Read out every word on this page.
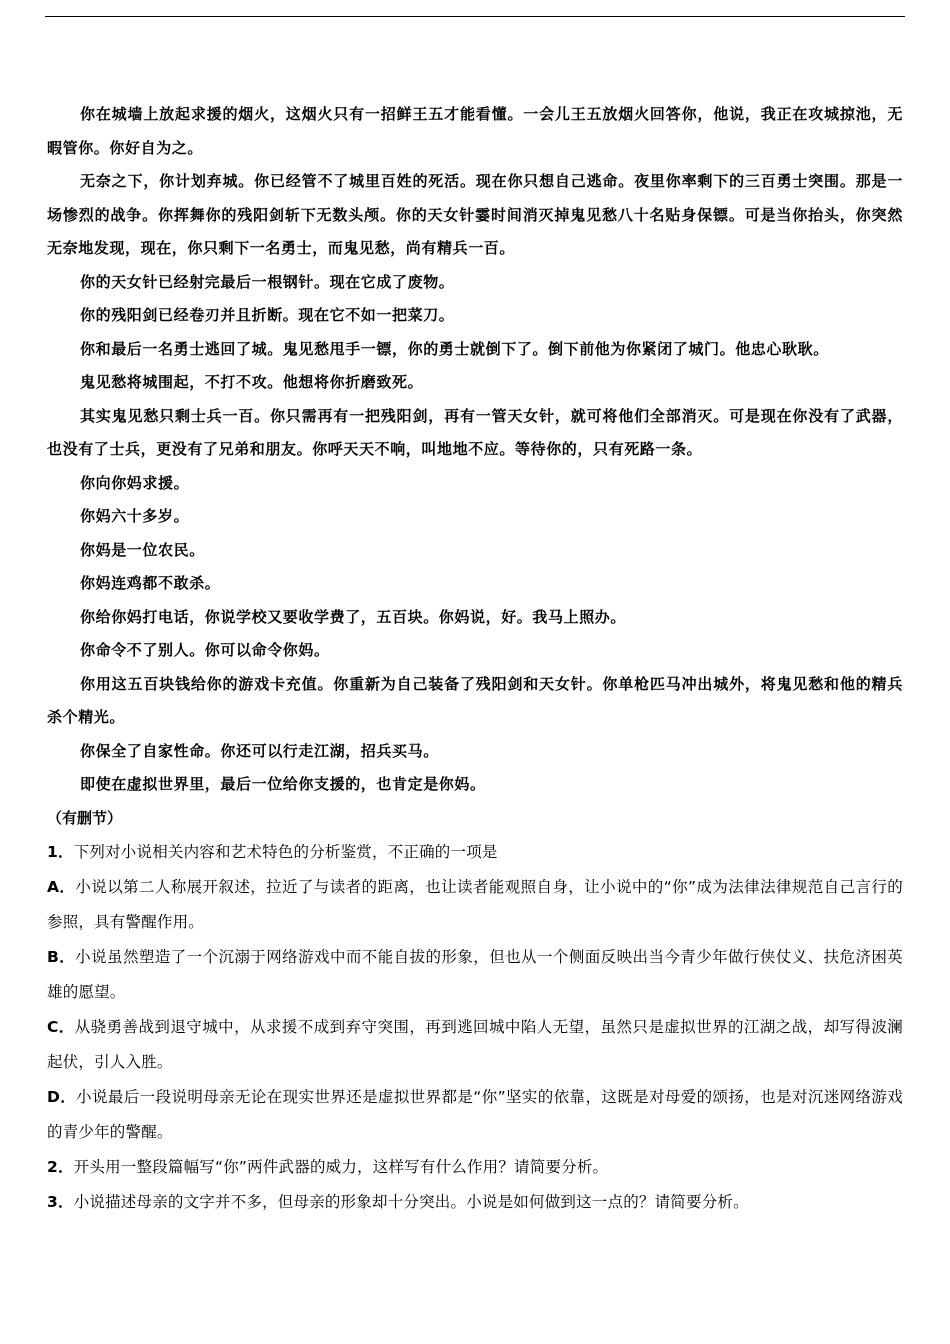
你在城墙上放起求援的烟火，这烟火只有一招鲜王五才能看懂。一会儿王五放烟火回答你，他说，我正在攻城掠池，无暇管你。你好自为之。

无奈之下，你计划弃城。你已经管不了城里百姓的死活。现在你只想自己逃命。夜里你率剩下的三百勇士突围。那是一场惨烈的战争。你挥舞你的残阳剑斩下无数头颅。你的天女针霎时间消灭掉鬼见愁八十名贴身保镖。可是当你抬头，你突然无奈地发现，现在，你只剩下一名勇士，而鬼见愁，尚有精兵一百。

你的天女针已经射完最后一根钢针。现在它成了废物。

你的残阳剑已经卷刃并且折断。现在它不如一把菜刀。

你和最后一名勇士逃回了城。鬼见愁甩手一镖，你的勇士就倒下了。倒下前他为你紧闭了城门。他忠心耿耿。

鬼见愁将城围起，不打不攻。他想将你折磨致死。

其实鬼见愁只剩士兵一百。你只需再有一把残阳剑，再有一管天女针，就可将他们全部消灭。可是现在你没有了武器，也没有了士兵，更没有了兄弟和朋友。你呼天天不响，叫地地不应。等待你的，只有死路一条。

你向你妈求援。

你妈六十多岁。

你妈是一位农民。

你妈连鸡都不敢杀。

你给你妈打电话，你说学校又要收学费了，五百块。你妈说，好。我马上照办。

你命令不了别人。你可以命令你妈。

你用这五百块钱给你的游戏卡充值。你重新为自己装备了残阳剑和天女针。你单枪匹马冲出城外，将鬼见愁和他的精兵杀个精光。

你保全了自家性命。你还可以行走江湖，招兵买马。

即使在虚拟世界里，最后一位给你支援的，也肯定是你妈。

（有删节）

1．下列对小说相关内容和艺术特色的分析鉴赏，不正确的一项是

A．小说以第二人称展开叙述，拉近了与读者的距离，也让读者能观照自身，让小说中的“你”成为法律法律规范自己言行的参照，具有警醒作用。

B．小说虽然塑造了一个沉溺于网络游戏中而不能自拔的形象，但也从一个侧面反映出当今青少年做行侠仗义、扶危济困英雄的愿望。

C．从骁勇善战到退守城中，从求援不成到弃守突围，再到逃回城中陷人无望，虽然只是虚拟世界的江湖之战，却写得波澜起伏，引人入胜。

D．小说最后一段说明母亲无论在现实世界还是虚拟世界都是“你”坚实的依靠，这既是对母爱的颂扬，也是对沉迷网络游戏的青少年的警醒。

2．开头用一整段篇幅写“你”两件武器的威力，这样写有什么作用？请简要分析。

3．小说描述母亲的文字并不多，但母亲的形象却十分突出。小说是如何做到这一点的？请简要分析。
